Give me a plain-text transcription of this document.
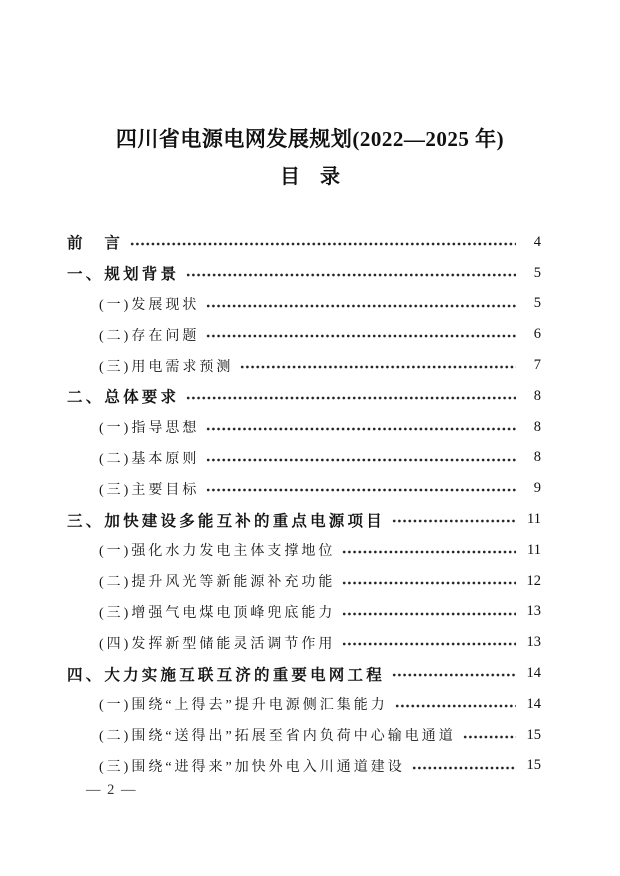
四川省电源电网发展规划(2022—2025 年)
目　录
前　言	4
一、规划背景	5
(一)发展现状	5
(二)存在问题	6
(三)用电需求预测	7
二、总体要求	8
(一)指导思想	8
(二)基本原则	8
(三)主要目标	9
三、加快建设多能互补的重点电源项目	11
(一)强化水力发电主体支撑地位	11
(二)提升风光等新能源补充功能	12
(三)增强气电煤电顶峰兜底能力	13
(四)发挥新型储能灵活调节作用	13
四、大力实施互联互济的重要电网工程	14
(一)围绕“上得去”提升电源侧汇集能力	14
(二)围绕“送得出”拓展至省内负荷中心输电通道	15
(三)围绕“进得来”加快外电入川通道建设	15
— 2 —
